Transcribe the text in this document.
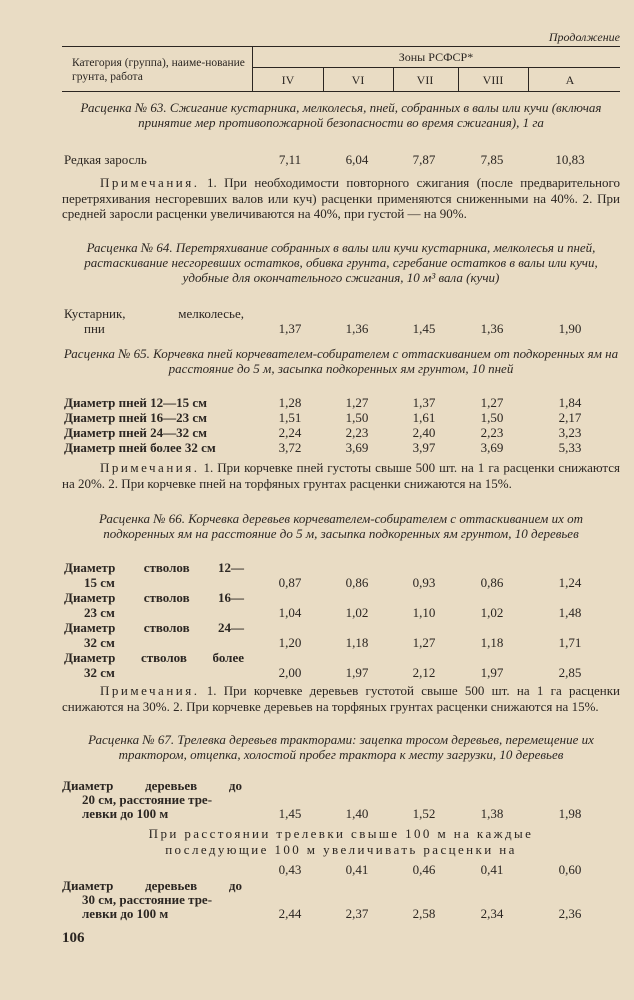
Продолжение
Категория (группа), наиме-нование грунта, работа
Зоны РСФСР*
IV	VI	VII	VIII	А
Расценка № 63. Сжигание кустарника, мелколесья, пней, собранных в валы или кучи (включая принятие мер противопожарной безопасности во время сжигания), 1 га
Редкая заросль	7,11	6,04	7,87	7,85	10,83
Примечания. 1. При необходимости повторного сжигания (после предварительного перетряхивания несгоревших валов или куч) расценки применяются сниженными на 40%. 2. При средней заросли расценки увеличиваются на 40%, при густой — на 90%.
Расценка № 64. Перетряхивание собранных в валы или кучи кустарника, мелколесья и пней, растаскивание несгоревших остатков, обивка грунта, сгребание остатков в валы или кучи, удобные для окончательного сжигания, 10 м³ вала (кучи)
Кустарник, мелколесье,
пни	1,37	1,36	1,45	1,36	1,90
Расценка № 65. Корчевка пней корчевателем-собирателем с оттаскиванием от подкоренных ям на расстояние до 5 м, засыпка подкоренных ям грунтом, 10 пней
Диаметр пней 12—15 см	1,28	1,27	1,37	1,27	1,84
Диаметр пней 16—23 см	1,51	1,50	1,61	1,50	2,17
Диаметр пней 24—32 см	2,24	2,23	2,40	2,23	3,23
Диаметр пней более 32 см	3,72	3,69	3,97	3,69	5,33
Примечания. 1. При корчевке пней густоты свыше 500 шт. на 1 га расценки снижаются на 20%. 2. При корчевке пней на торфяных грунтах расценки снижаются на 15%.
Расценка № 66. Корчевка деревьев корчевателем-собирателем с оттаскиванием их от подкоренных ям на расстояние до 5 м, засыпка подкоренных ям грунтом, 10 деревьев
Диаметр стволов 12—
15 см	0,87	0,86	0,93	0,86	1,24
Диаметр стволов 16—
23 см	1,04	1,02	1,10	1,02	1,48
Диаметр стволов 24—
32 см	1,20	1,18	1,27	1,18	1,71
Диаметр стволов более
32 см	2,00	1,97	2,12	1,97	2,85
Примечания. 1. При корчевке деревьев густотой свыше 500 шт. на 1 га расценки снижаются на 30%. 2. При корчевке деревьев на торфяных грунтах расценки снижаются на 15%.
Расценка № 67. Трелевка деревьев тракторами: зацепка тросом деревьев, перемещение их трактором, отцепка, холостой пробег трактора к месту загрузки, 10 деревьев
Диаметр деревьев до
20 см, расстояние тре-
левки до 100 м	1,45	1,40	1,52	1,38	1,98
При расстоянии трелевки свыше 100 м на каждые
последующие 100 м увеличивать расценки на
0,43	0,41	0,46	0,41	0,60
Диаметр деревьев до
30 см, расстояние тре-
левки до 100 м	2,44	2,37	2,58	2,34	2,36
106
